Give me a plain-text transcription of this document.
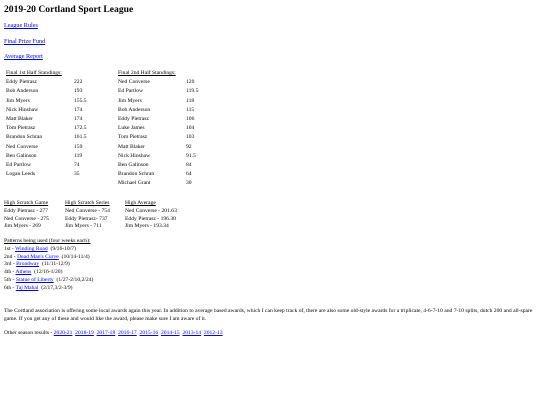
2019-20 Cortland Sport League
League Rules
Final Prize Fund
Average Report
Final 1st Half Standings:	
Eddy Pietrasz	222
Bob Anderson	193
Jim Myers	155.5
Nick Hinshaw	174
Matt Blaker	174
Tom Pietrasz	172.5
Brandon Schran	161.5
Ned Converse	159
Ben Galinson	119
Ed Partlow	74
Logan Leeds	35
Final 2nd Half Standings:	
Ned Converse	120
Ed Partlow	119.5
Jim Myers	118
Bob Anderson	115
Eddy Pietrasz	106
Luke James	104
Tom Pietrasz	103
Matt Blaker	92
Nick Hinshaw	91.5
Ben Galinson	84
Brandon Schran	64
Michael Grant	30
High Scratch Game
Eddy Pietrasz - 277
Ned Converse - 275
Jim Myers - 269
High Scratch Series
Ned Converse - 754
Eddy Pietrasz- 737
Jim Myers - 711
High Average
Ned Converse - 201.63
Eddy Pietrasz - 196.30
Jim Myers - 193.34
Patterns being used (four weeks each):
1st - Winding Road (9/16-10/7)
2nd - Dead Man's Curve (10/14-11/4)
3rd - Broadway (11/11-12/9)
4th - Athens (12/16-1/20)
5th - Statue of Liberty (1/27-2/10,2/24)
6th - Taj Mahal (2/17,3/2-3/9)
The Cortland association is offering some local awards again this year. In addition to average based awards, which I can keep track of, there are also some old-style awards for a triplicate, 4-6-7-10 and 7-10 splits, dutch 200 and all-spare game. If you get any of these and would like the award, please make sure I am aware of it.
Other season results - 2020-21 2018-19 2017-18 2016-17 2015-16 2014-15 2013-14 2012-13
